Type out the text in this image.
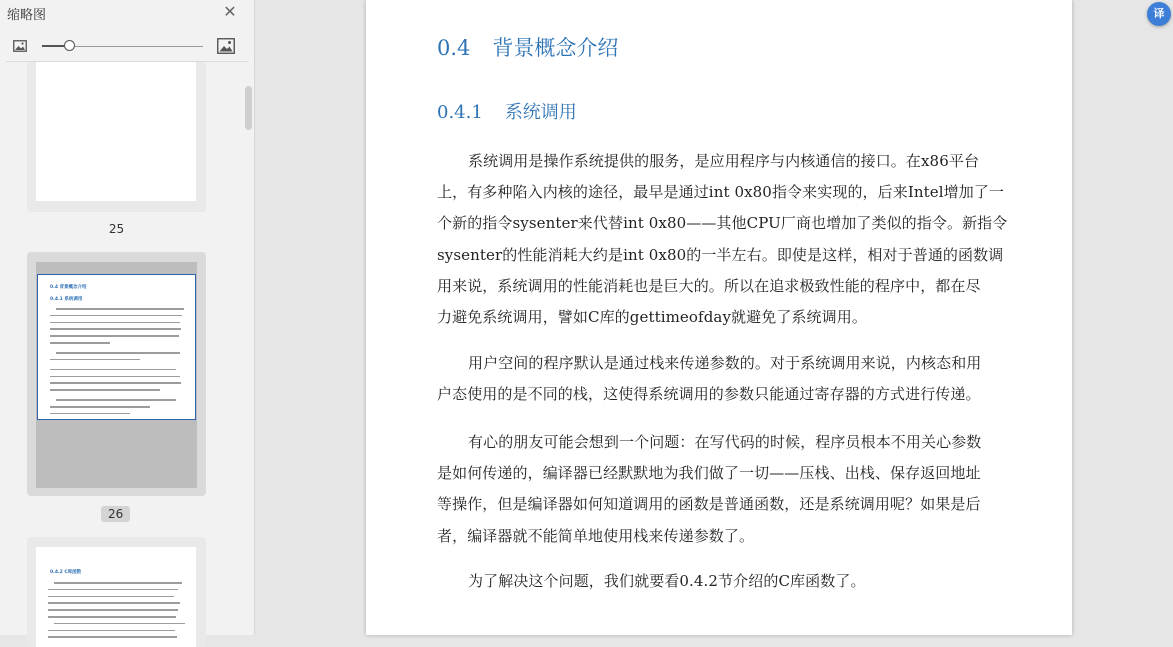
缩略图	✕
25
0.4 背景概念介绍
0.4.1 系统调用
26
0.4.2 C库函数
0.4 背景概念介绍
0.4.1 系统调用
系统调用是操作系统提供的服务，是应用程序与内核通信的接口。在x86平台
上，有多种陷入内核的途径，最早是通过int 0x80指令来实现的，后来Intel增加了一
个新的指令sysenter来代替int 0x80——其他CPU厂商也增加了类似的指令。新指令
sysenter的性能消耗大约是int 0x80的一半左右。即使是这样，相对于普通的函数调
用来说，系统调用的性能消耗也是巨大的。所以在追求极致性能的程序中，都在尽
力避免系统调用，譬如C库的gettimeofday就避免了系统调用。
用户空间的程序默认是通过栈来传递参数的。对于系统调用来说，内核态和用
户态使用的是不同的栈，这使得系统调用的参数只能通过寄存器的方式进行传递。
有心的朋友可能会想到一个问题：在写代码的时候，程序员根本不用关心参数
是如何传递的，编译器已经默默地为我们做了一切——压栈、出栈、保存返回地址
等操作，但是编译器如何知道调用的函数是普通函数，还是系统调用呢？如果是后
者，编译器就不能简单地使用栈来传递参数了。
为了解决这个问题，我们就要看0.4.2节介绍的C库函数了。
译
